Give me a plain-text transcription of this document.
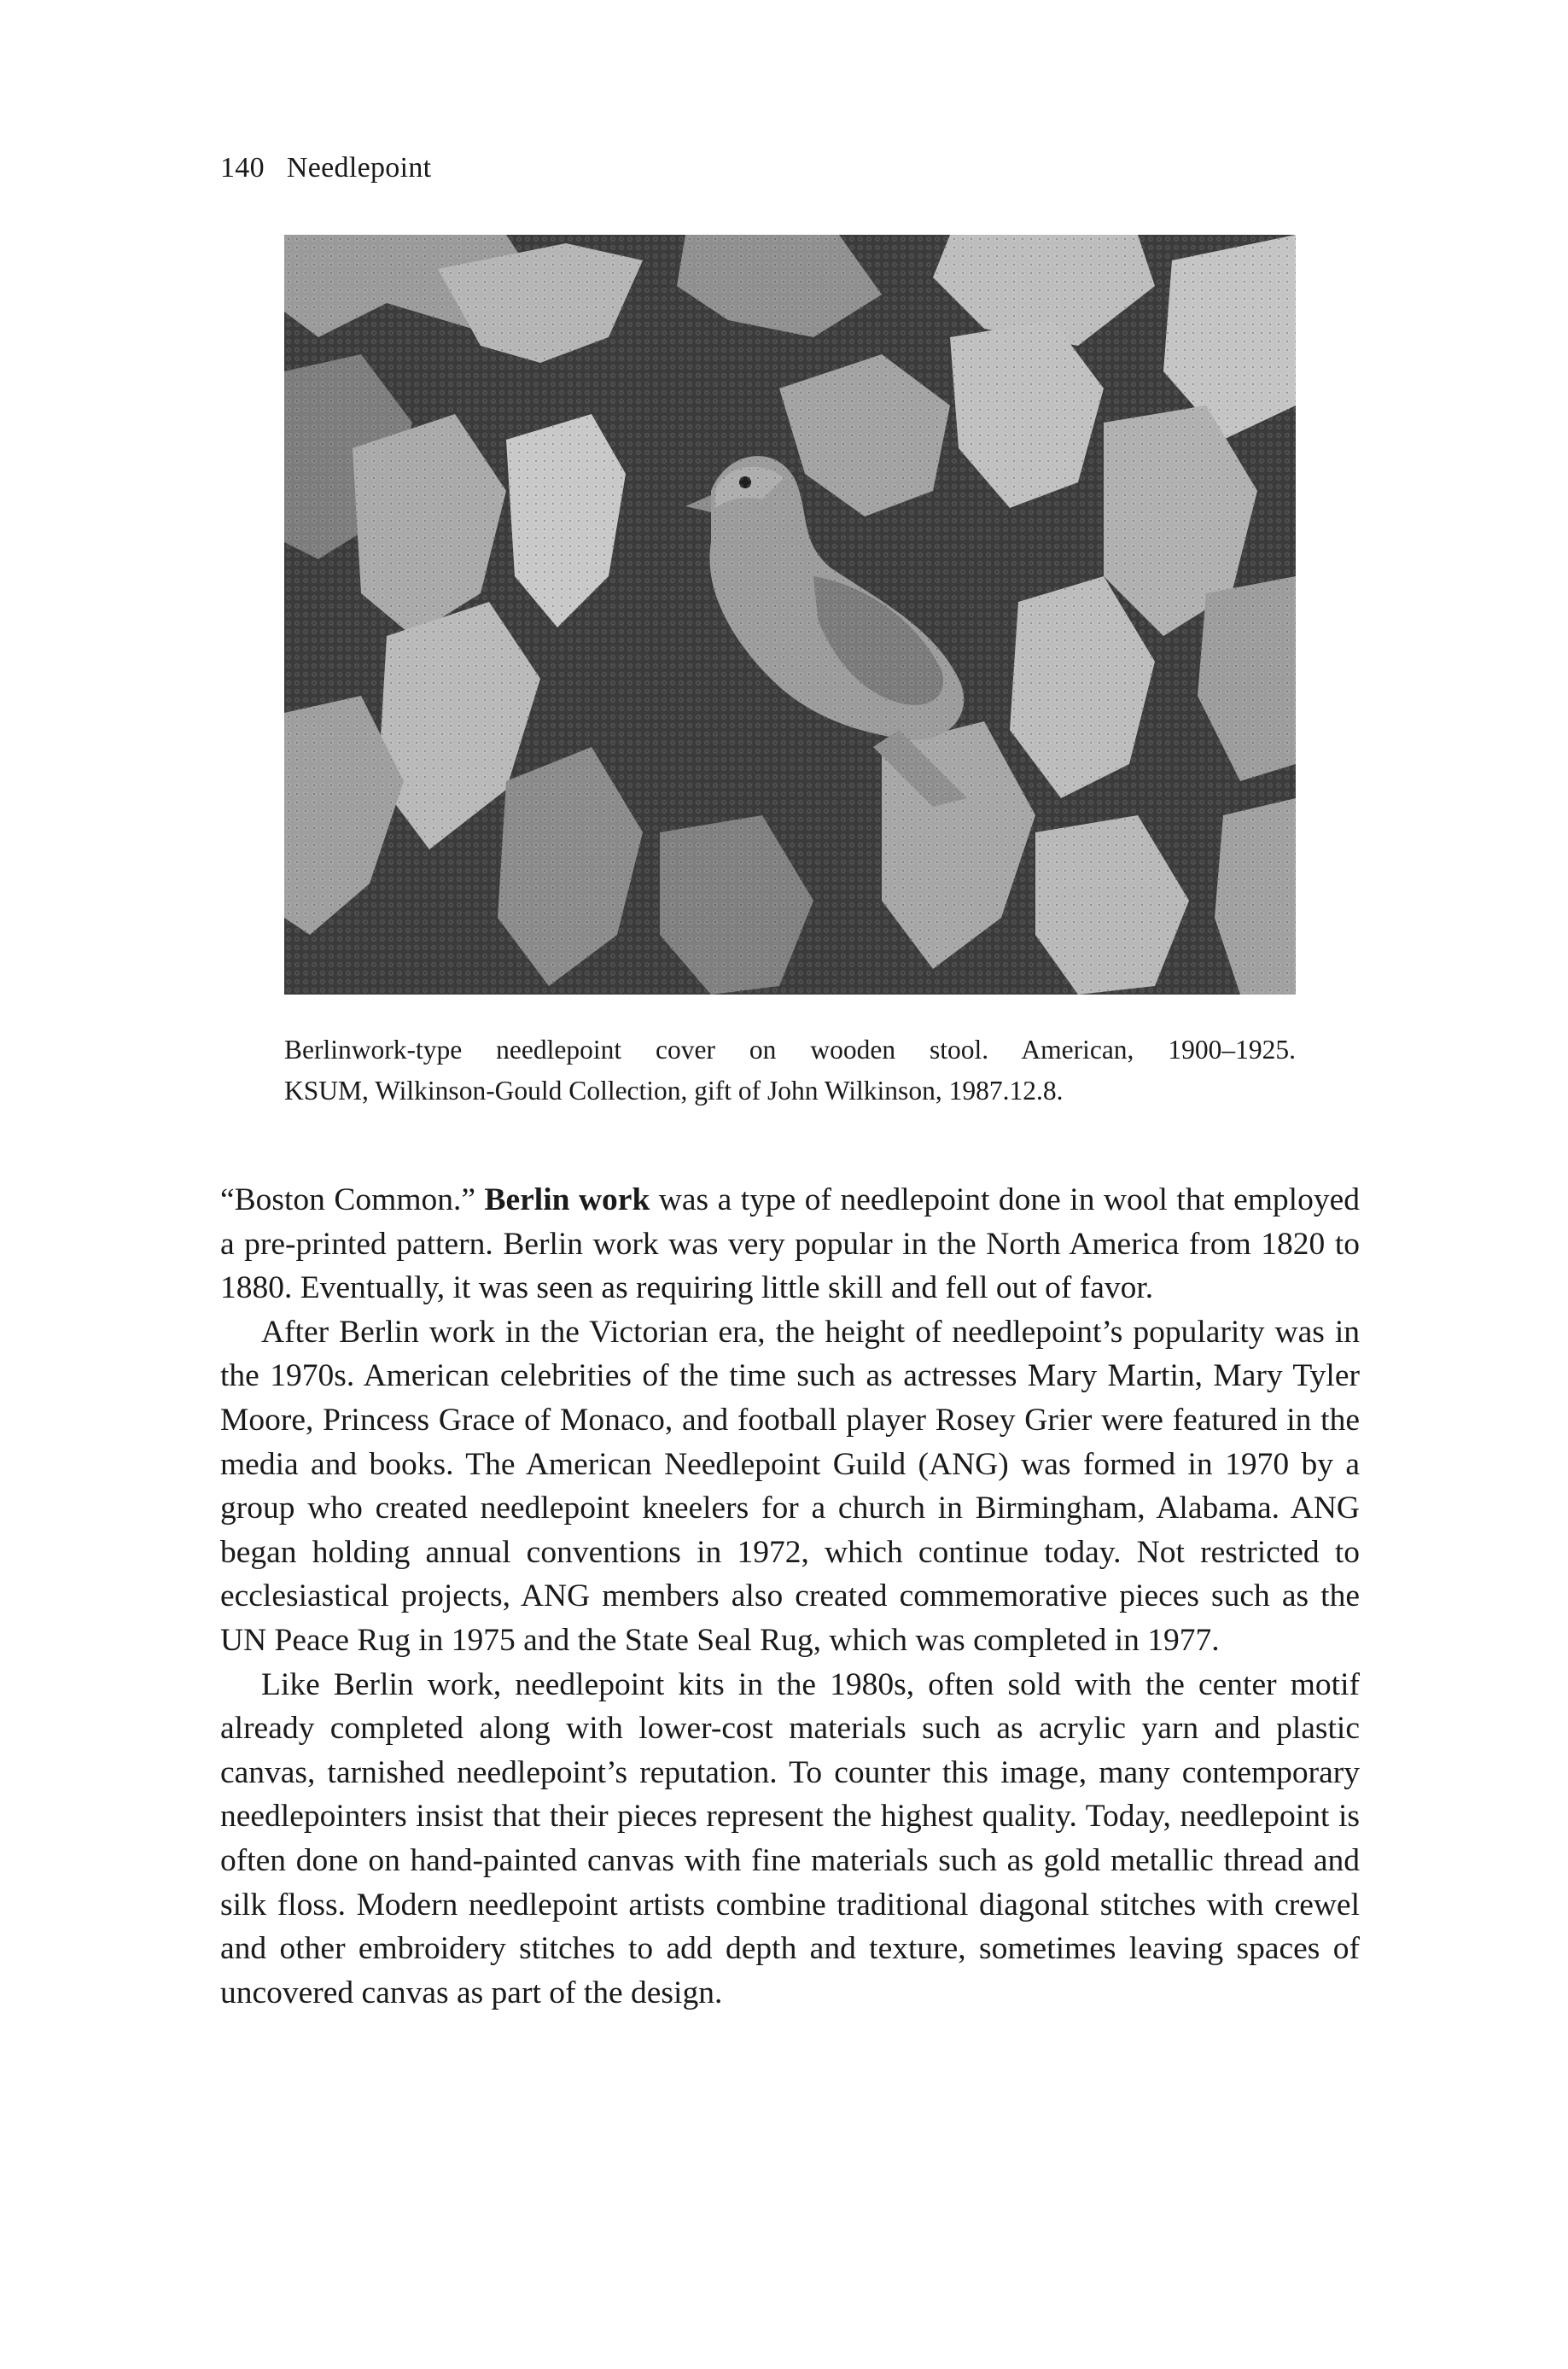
140 Needlepoint

Berlinwork-type needlepoint cover on wooden stool. American, 1900–1925.

KSUM, Wilkinson-Gould Collection, gift of John Wilkinson, 1987.12.8.

“Boston Common.” Berlin work was a type of needlepoint done in wool that employed a pre-printed pattern. Berlin work was very popular in the North America from 1820 to 1880. Eventually, it was seen as requiring little skill and fell out of favor.

After Berlin work in the Victorian era, the height of needlepoint’s popularity was in the 1970s. American celebrities of the time such as actresses Mary Martin, Mary Tyler Moore, Princess Grace of Monaco, and football player Rosey Grier were featured in the media and books. The American Needlepoint Guild (ANG) was formed in 1970 by a group who created needlepoint kneelers for a church in Birmingham, Alabama. ANG began holding annual conventions in 1972, which continue today. Not restricted to ecclesiastical projects, ANG members also created commemorative pieces such as the UN Peace Rug in 1975 and the State Seal Rug, which was completed in 1977.

Like Berlin work, needlepoint kits in the 1980s, often sold with the center motif already completed along with lower-cost materials such as acrylic yarn and plastic canvas, tarnished needlepoint’s reputation. To counter this image, many contemporary needlepointers insist that their pieces represent the highest quality. Today, needlepoint is often done on hand-painted canvas with fine materials such as gold metallic thread and silk floss. Modern needlepoint artists combine traditional diagonal stitches with crewel and other embroidery stitches to add depth and texture, sometimes leaving spaces of uncovered canvas as part of the design.
